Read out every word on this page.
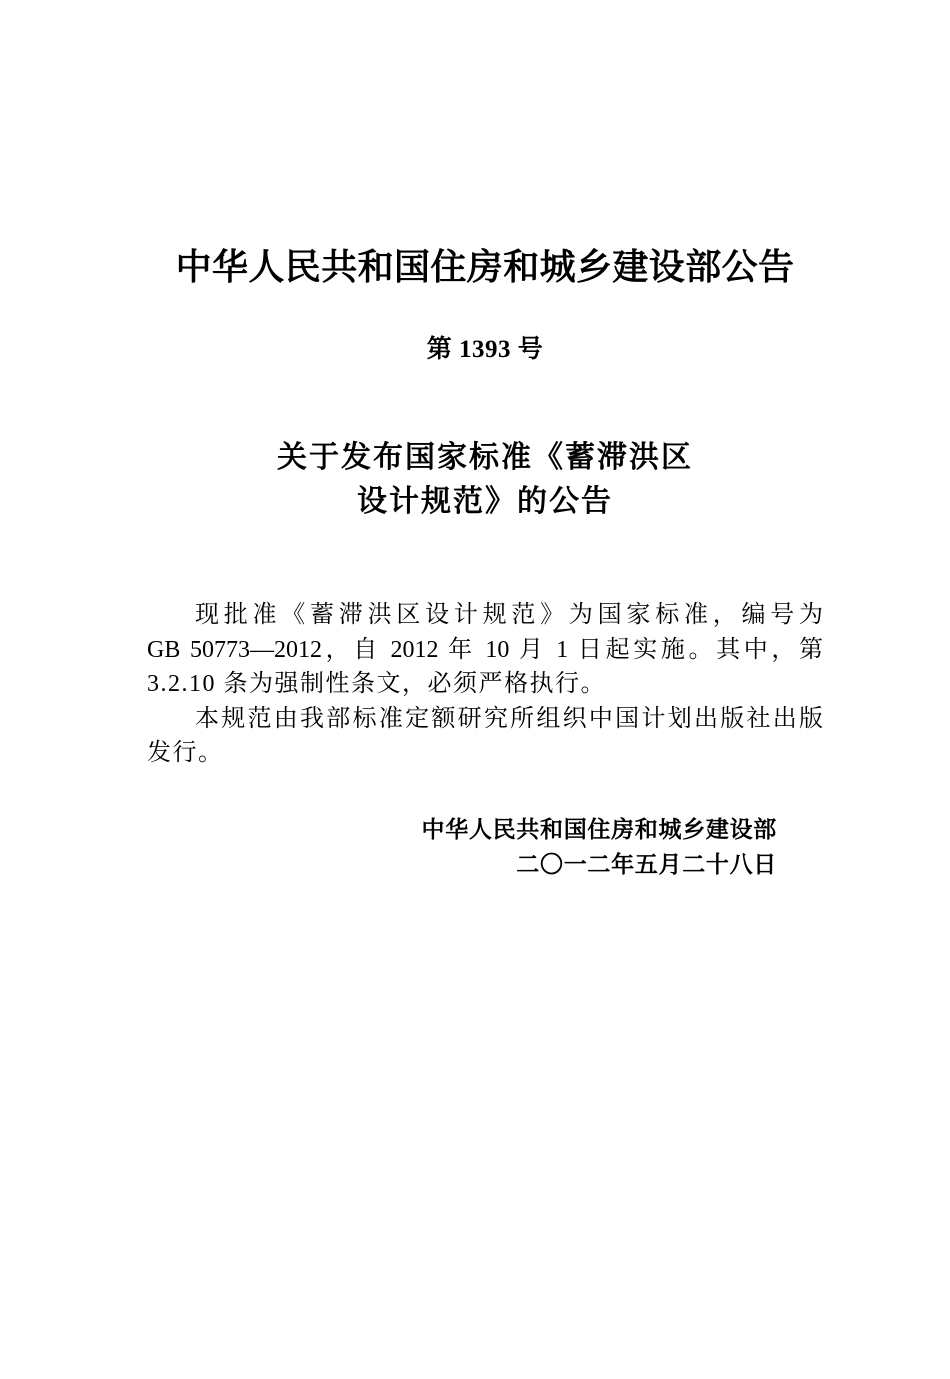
中华人民共和国住房和城乡建设部公告
第 1393 号
关于发布国家标准《蓄滞洪区
设计规范》的公告
现批准《蓄滞洪区设计规范》为国家标准，编号为
GB 50773—2012，自 2012 年 10 月 1 日起实施。其中，第
3.2.10 条为强制性条文，必须严格执行。
本规范由我部标准定额研究所组织中国计划出版社出版
发行。
中华人民共和国住房和城乡建设部
二〇一二年五月二十八日
